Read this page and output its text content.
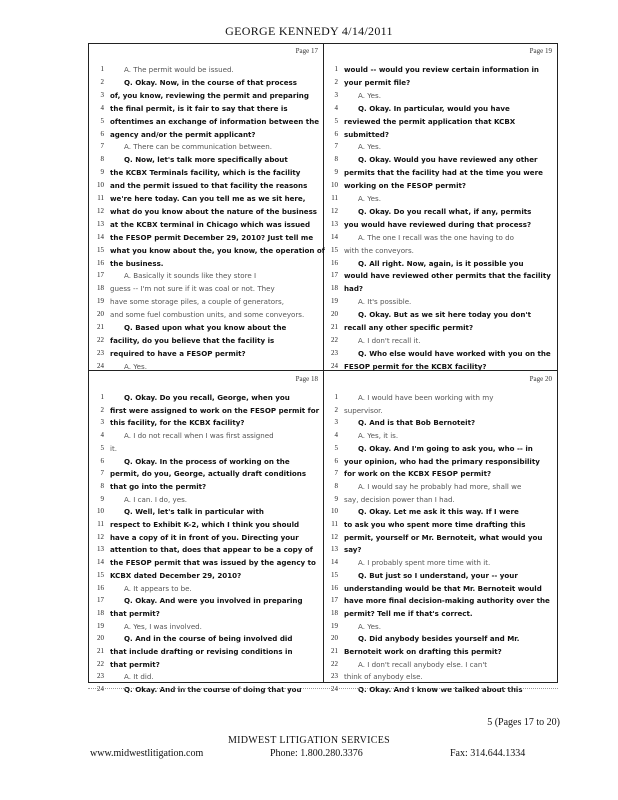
GEORGE KENNEDY 4/14/2011
Page 17
1	A. The permit would be issued.
2	Q. Okay. Now, in the course of that process
3 of, you know, reviewing the permit and preparing
4 the final permit, is it fair to say that there is
5 oftentimes an exchange of information between the
6 agency and/or the permit applicant?
7	A. There can be communication between.
8	Q. Now, let's talk more specifically about
9 the KCBX Terminals facility, which is the facility
10 and the permit issued to that facility the reasons
11 we're here today. Can you tell me as we sit here,
12 what do you know about the nature of the business
13 at the KCBX terminal in Chicago which was issued
14 the FESOP permit December 29, 2010? Just tell me
15 what you know about the, you know, the operation of
16 the business.
17	A. Basically it sounds like they store I
18 guess -- I'm not sure if it was coal or not. They
19 have some storage piles, a couple of generators,
20 and some fuel combustion units, and some conveyors.
21	Q. Based upon what you know about the
22 facility, do you believe that the facility is
23 required to have a FESOP permit?
24	A. Yes.
Page 19
1 would -- would you review certain information in
2 your permit file?
3	A. Yes.
4	Q. Okay. In particular, would you have
5 reviewed the permit application that KCBX
6 submitted?
7	A. Yes.
8	Q. Okay. Would you have reviewed any other
9 permits that the facility had at the time you were
10 working on the FESOP permit?
11	A. Yes.
12	Q. Okay. Do you recall what, if any, permits
13 you would have reviewed during that process?
14	A. The one I recall was the one having to do
15 with the conveyors.
16	Q. All right. Now, again, is it possible you
17 would have reviewed other permits that the facility
18 had?
19	A. It's possible.
20	Q. Okay. But as we sit here today you don't
21 recall any other specific permit?
22	A. I don't recall it.
23	Q. Who else would have worked with you on the
24 FESOP permit for the KCBX facility?
Page 18
1	Q. Okay. Do you recall, George, when you
2 first were assigned to work on the FESOP permit for
3 this facility, for the KCBX facility?
4	A. I do not recall when I was first assigned
5 it.
6	Q. Okay. In the process of working on the
7 permit, do you, George, actually draft conditions
8 that go into the permit?
9	A. I can. I do, yes.
10	Q. Well, let's talk in particular with
11 respect to Exhibit K-2, which I think you should
12 have a copy of it in front of you. Directing your
13 attention to that, does that appear to be a copy of
14 the FESOP permit that was issued by the agency to
15 KCBX dated December 29, 2010?
16	A. It appears to be.
17	Q. Okay. And were you involved in preparing
18 that permit?
19	A. Yes, I was involved.
20	Q. And in the course of being involved did
21 that include drafting or revising conditions in
22 that permit?
23	A. It did.
24	Q. Okay. And in the course of doing that you
Page 20
1	A. I would have been working with my
2 supervisor.
3	Q. And is that Bob Bernoteit?
4	A. Yes, it is.
5	Q. Okay. And I'm going to ask you, who -- in
6 your opinion, who had the primary responsibility
7 for work on the KCBX FESOP permit?
8	A. I would say he probably had more, shall we
9 say, decision power than I had.
10	Q. Okay. Let me ask it this way. If I were
11 to ask you who spent more time drafting this
12 permit, yourself or Mr. Bernoteit, what would you
13 say?
14	A. I probably spent more time with it.
15	Q. But just so I understand, your -- your
16 understanding would be that Mr. Bernoteit would
17 have more final decision-making authority over the
18 permit? Tell me if that's correct.
19	A. Yes.
20	Q. Did anybody besides yourself and Mr.
21 Bernoteit work on drafting this permit?
22	A. I don't recall anybody else. I can't
23 think of anybody else.
24	Q. Okay. And I know we talked about this
5 (Pages 17 to 20)
MIDWEST LITIGATION SERVICES
www.midwestlitigation.com	Phone: 1.800.280.3376	Fax: 314.644.1334
